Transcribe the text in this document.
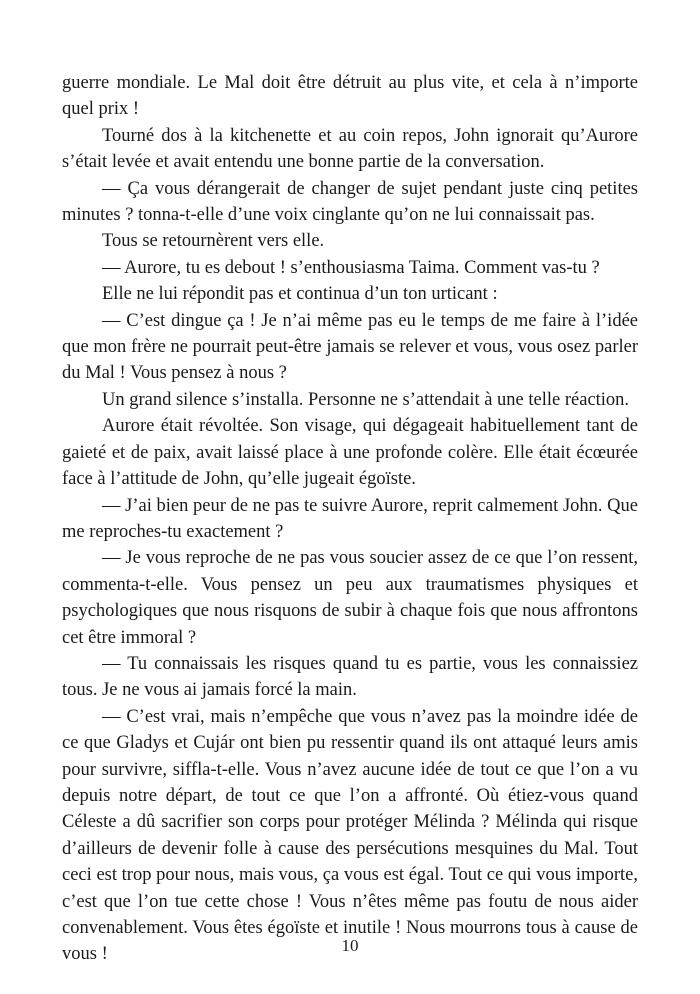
guerre mondiale. Le Mal doit être détruit au plus vite, et cela à n’importe quel prix !

Tourné dos à la kitchenette et au coin repos, John ignorait qu’Aurore s’était levée et avait entendu une bonne partie de la conversation.

— Ça vous dérangerait de changer de sujet pendant juste cinq petites minutes ? tonna-t-elle d’une voix cinglante qu’on ne lui connaissait pas.

Tous se retournèrent vers elle.

— Aurore, tu es debout ! s’enthousiasma Taima. Comment vas-tu ?

Elle ne lui répondit pas et continua d’un ton urticant :

— C’est dingue ça ! Je n’ai même pas eu le temps de me faire à l’idée que mon frère ne pourrait peut-être jamais se relever et vous, vous osez parler du Mal ! Vous pensez à nous ?

Un grand silence s’installa. Personne ne s’attendait à une telle réaction.

Aurore était révoltée. Son visage, qui dégageait habituellement tant de gaieté et de paix, avait laissé place à une profonde colère. Elle était écœurée face à l’attitude de John, qu’elle jugeait égoïste.

— J’ai bien peur de ne pas te suivre Aurore, reprit calmement John. Que me reproches-tu exactement ?

— Je vous reproche de ne pas vous soucier assez de ce que l’on ressent, commenta-t-elle. Vous pensez un peu aux traumatismes physiques et psychologiques que nous risquons de subir à chaque fois que nous affrontons cet être immoral ?

— Tu connaissais les risques quand tu es partie, vous les connaissiez tous. Je ne vous ai jamais forcé la main.

— C’est vrai, mais n’empêche que vous n’avez pas la moindre idée de ce que Gladys et Cujár ont bien pu ressentir quand ils ont attaqué leurs amis pour survivre, siffla-t-elle. Vous n’avez aucune idée de tout ce que l’on a vu depuis notre départ, de tout ce que l’on a affronté. Où étiez-vous quand Céleste a dû sacrifier son corps pour protéger Mélinda ? Mélinda qui risque d’ailleurs de devenir folle à cause des persécutions mesquines du Mal. Tout ceci est trop pour nous, mais vous, ça vous est égal. Tout ce qui vous importe, c’est que l’on tue cette chose ! Vous n’êtes même pas foutu de nous aider convenablement. Vous êtes égoïste et inutile ! Nous mourrons tous à cause de vous !	10
